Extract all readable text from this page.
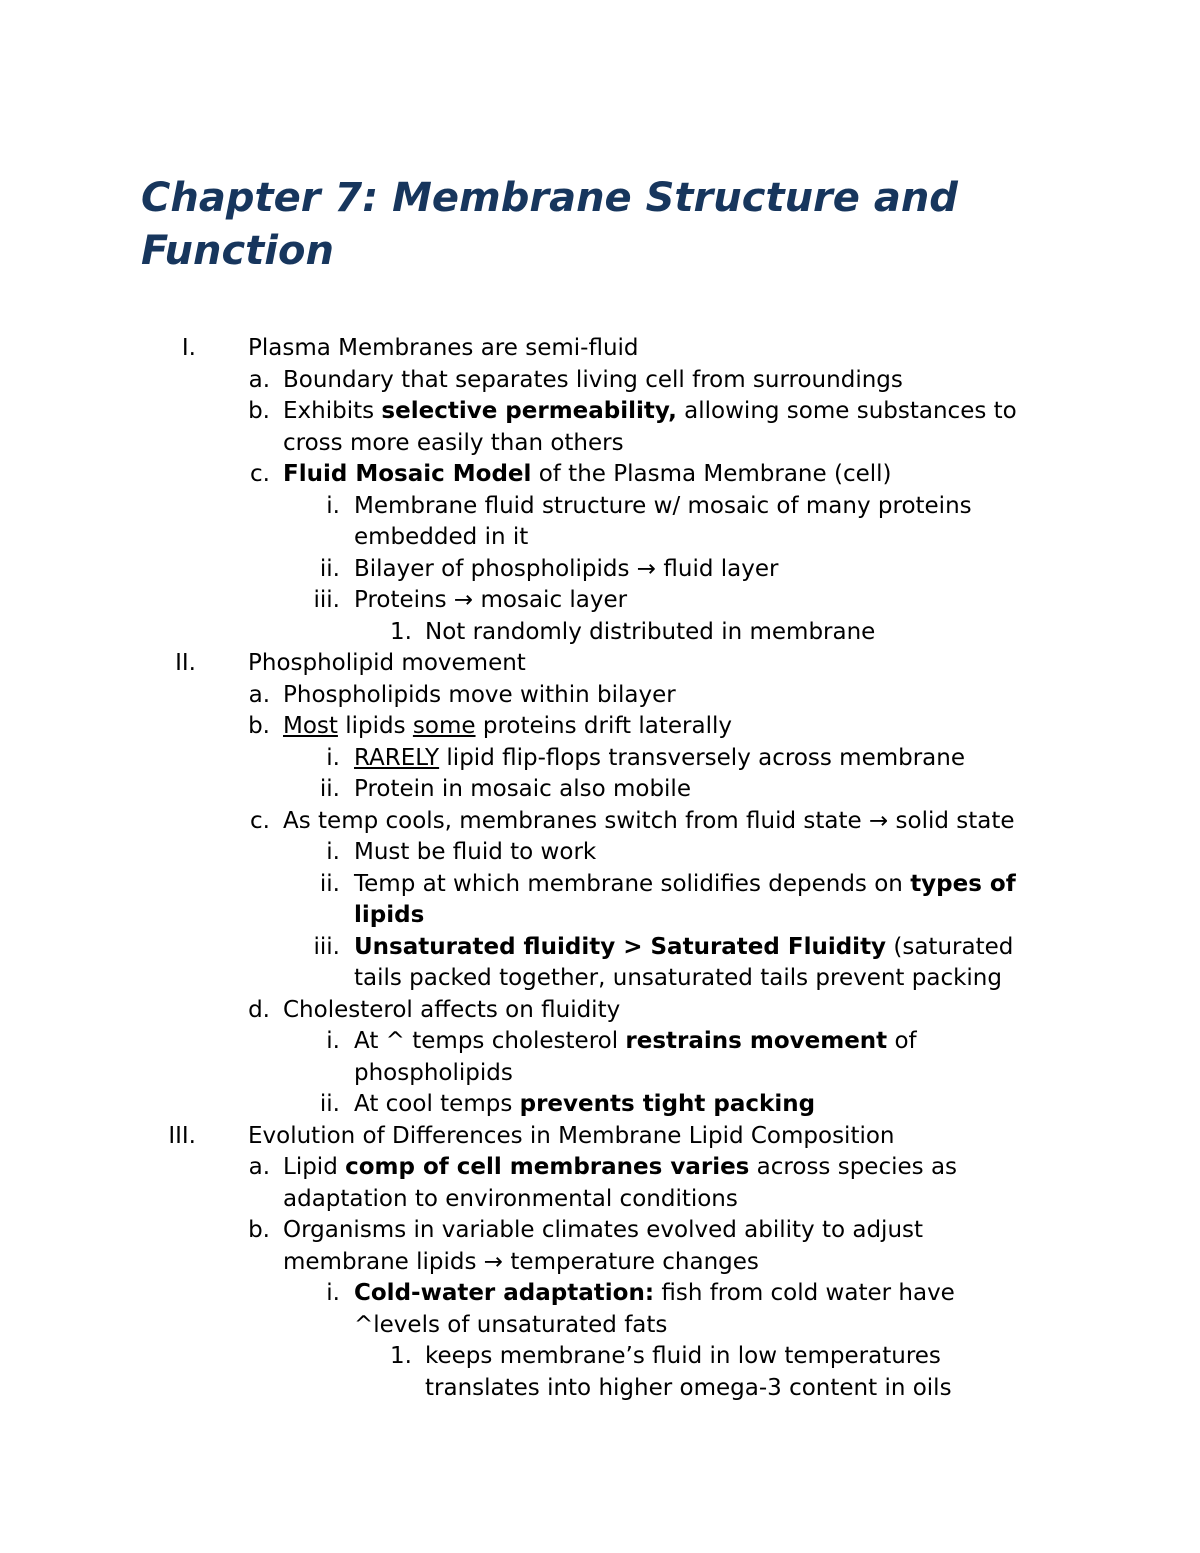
Chapter 7: Membrane Structure and Function
I. Plasma Membranes are semi-fluid
a. Boundary that separates living cell from surroundings
b. Exhibits selective permeability, allowing some substances to
cross more easily than others
c. Fluid Mosaic Model of the Plasma Membrane (cell)
i. Membrane fluid structure w/ mosaic of many proteins
embedded in it
ii. Bilayer of phospholipids → fluid layer
iii. Proteins → mosaic layer
1. Not randomly distributed in membrane
II. Phospholipid movement
a. Phospholipids move within bilayer
b. Most lipids some proteins drift laterally
i. RARELY lipid flip-flops transversely across membrane
ii. Protein in mosaic also mobile
c. As temp cools, membranes switch from fluid state → solid state
i. Must be fluid to work
ii. Temp at which membrane solidifies depends on types of
lipids
iii. Unsaturated fluidity > Saturated Fluidity (saturated
tails packed together, unsaturated tails prevent packing
d. Cholesterol affects on fluidity
i. At ^ temps cholesterol restrains movement of
phospholipids
ii. At cool temps prevents tight packing
III. Evolution of Differences in Membrane Lipid Composition
a. Lipid comp of cell membranes varies across species as
adaptation to environmental conditions
b. Organisms in variable climates evolved ability to adjust
membrane lipids → temperature changes
i. Cold-water adaptation: fish from cold water have
^levels of unsaturated fats
1. keeps membrane’s fluid in low temperatures
translates into higher omega-3 content in oils
